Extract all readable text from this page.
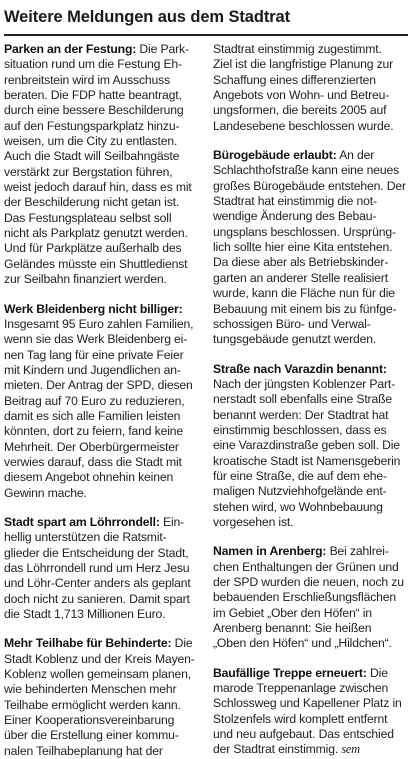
Weitere Meldungen aus dem Stadtrat

Parken an der Festung: Die Park-
situation rund um die Festung Eh-
renbreitstein wird im Ausschuss
beraten. Die FDP hatte beantragt,
durch eine bessere Beschilderung
auf den Festungsparkplatz hinzu-
weisen, um die City zu entlasten.
Auch die Stadt will Seilbahngäste
verstärkt zur Bergstation führen,
weist jedoch darauf hin, dass es mit
der Beschilderung nicht getan ist.
Das Festungsplateau selbst soll
nicht als Parkplatz genutzt werden.
Und für Parkplätze außerhalb des
Geländes müsste ein Shuttledienst
zur Seilbahn finanziert werden.

Werk Bleidenberg nicht billiger:
Insgesamt 95 Euro zahlen Familien,
wenn sie das Werk Bleidenberg ei-
nen Tag lang für eine private Feier
mit Kindern und Jugendlichen an-
mieten. Der Antrag der SPD, diesen
Beitrag auf 70 Euro zu reduzieren,
damit es sich alle Familien leisten
könnten, dort zu feiern, fand keine
Mehrheit. Der Oberbürgermeister
verwies darauf, dass die Stadt mit
diesem Angebot ohnehin keinen
Gewinn mache.

Stadt spart am Löhrrondell: Ein-
hellig unterstützen die Ratsmit-
glieder die Entscheidung der Stadt,
das Löhrrondell rund um Herz Jesu
und Löhr-Center anders als geplant
doch nicht zu sanieren. Damit spart
die Stadt 1,713 Millionen Euro.

Mehr Teilhabe für Behinderte: Die
Stadt Koblenz und der Kreis Mayen-
Koblenz wollen gemeinsam planen,
wie behinderten Menschen mehr
Teilhabe ermöglicht werden kann.
Einer Kooperationsvereinbarung
über die Erstellung einer kommu-
nalen Teilhabeplanung hat der

Stadtrat einstimmig zugestimmt.
Ziel ist die langfristige Planung zur
Schaffung eines differenzierten
Angebots von Wohn- und Betreu-
ungsformen, die bereits 2005 auf
Landesebene beschlossen wurde.

Bürogebäude erlaubt: An der
Schlachthofstraße kann eine neues
großes Bürogebäude entstehen. Der
Stadtrat hat einstimmig die not-
wendige Änderung des Bebau-
ungsplans beschlossen. Ursprüng-
lich sollte hier eine Kita entstehen.
Da diese aber als Betriebskinder-
garten an anderer Stelle realisiert
wurde, kann die Fläche nun für die
Bebauung mit einem bis zu fünfge-
schossigen Büro- und Verwal-
tungsgebäude genutzt werden.

Straße nach Varazdin benannt:
Nach der jüngsten Koblenzer Part-
nerstadt soll ebenfalls eine Straße
benannt werden: Der Stadtrat hat
einstimmig beschlossen, dass es
eine Varazdinstraße geben soll. Die
kroatische Stadt ist Namensgeberin
für eine Straße, die auf dem ehe-
maligen Nutzviehhofgelände ent-
stehen wird, wo Wohnbebauung
vorgesehen ist.

Namen in Arenberg: Bei zahlrei-
chen Enthaltungen der Grünen und
der SPD wurden die neuen, noch zu
bebauenden Erschließungsflächen
im Gebiet „Ober den Höfen“ in
Arenberg benannt: Sie heißen
„Oben den Höfen“ und „Hildchen“.

Baufällige Treppe erneuert: Die
marode Treppenanlage zwischen
Schlossweg und Kapellener Platz in
Stolzenfels wird komplett entfernt
und neu aufgebaut. Das entschied
der Stadtrat einstimmig. sem
